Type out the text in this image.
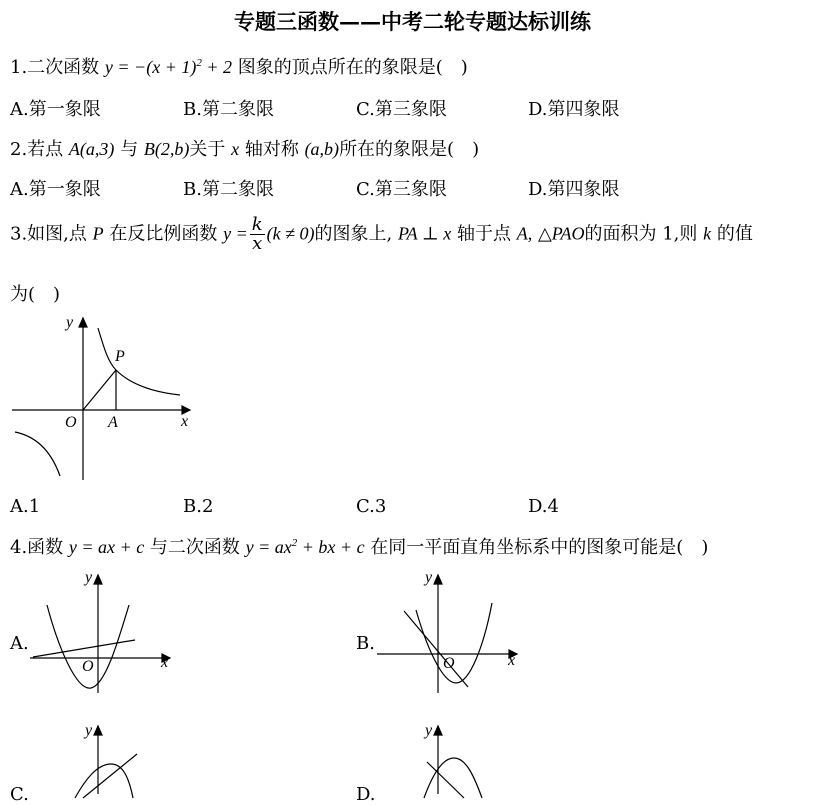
专题三函数——中考二轮专题达标训练
1.二次函数 $y = -(x + 1)^2 + 2$ 图象的顶点所在的象限是(　)
A.第一象限	B.第二象限	C.第三象限	D.第四象限
2.若点 A(a,3) 与 B(2,b)关于 x 轴对称 (a,b)所在的象限是(　)
A.第一象限	B.第二象限	C.第三象限	D.第四象限
3.如图,点 P 在反比例函数 $y = \frac{k}{x} (k \ne 0)$的图象上, PA ⊥ x 轴于点 A, △PAO的面积为 1,则 k 的值
为(　)
y
x
O A
P
A.1	B.2	C.3	D.4
4.函数 y = ax + c 与二次函数 $y = ax^2$ + bx + c 在同一平面直角坐标系中的图象可能是(　)
A.
y
x
O
B.
y
x
O
C.
y
D.
y
